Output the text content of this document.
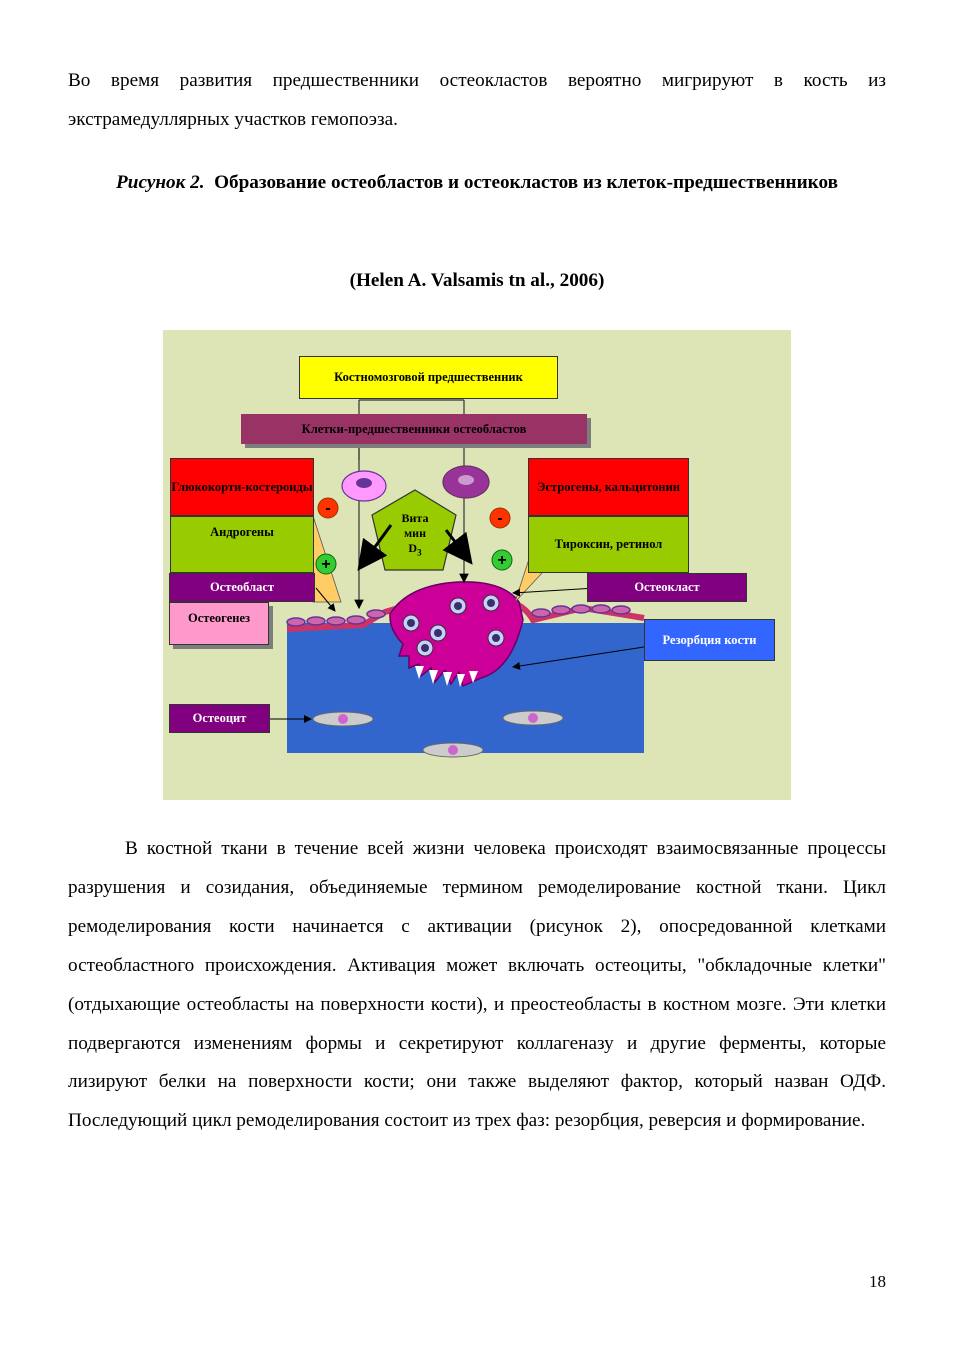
Во время развития предшественники остеокластов вероятно мигрируют в кость из экстрамедуллярных участков гемопоэза.
Рисунок 2. Образование остеобластов и остеокластов из клеток-предшественников
(Helen A. Valsamis tn al., 2006)
-
+
-
+
Костномозговой предшественник
Клетки-предшественники остеобластов
Глюкокорти-костероиды
Андрогены
Эстрогены, кальцитонин
Тироксин, ретинол
Вита
мин
$D_3$
Остеобласт	Остеокласт
Остеогенез
Резорбция кости
Остеоцит
В костной ткани в течение всей жизни человека происходят взаимосвязанные процессы разрушения и созидания, объединяемые термином ремоделирование костной ткани. Цикл ремоделирования кости начинается с активации (рисунок 2), опосредованной клетками остеобластного происхождения. Активация может включать остеоциты, "обкладочные клетки" (отдыхающие остеобласты на поверхности кости), и преостеобласты в костном мозге. Эти клетки подвергаются изменениям формы и секретируют коллагеназу и другие ферменты, которые лизируют белки на поверхности кости; они также выделяют фактор, который назван ОДФ. Последующий цикл ремоделирования состоит из трех фаз: резорбция, реверсия и формирование.
18
